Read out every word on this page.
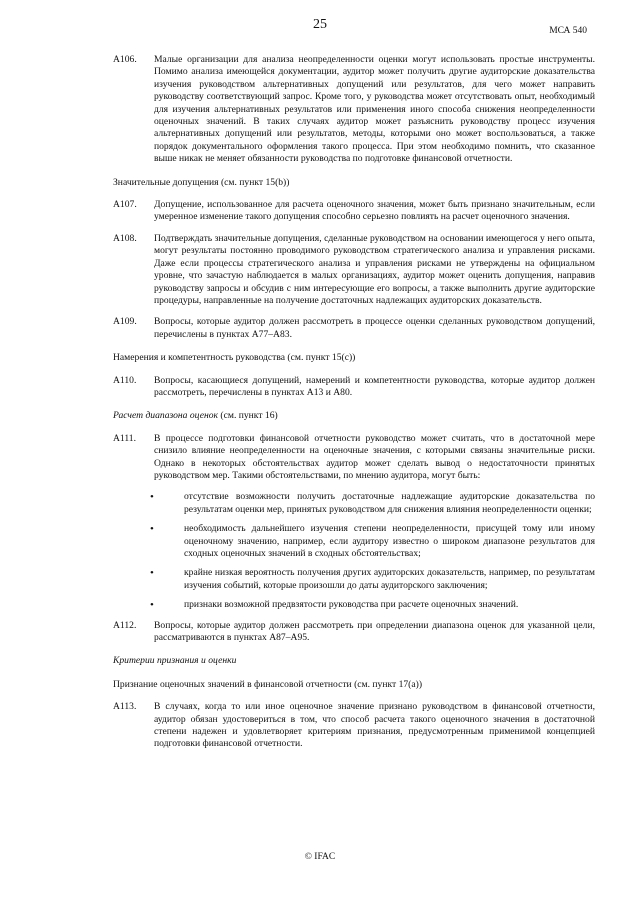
25	МСА 540
А106. Малые организации для анализа неопределенности оценки могут использовать простые инструменты. Помимо анализа имеющейся документации, аудитор может получить другие аудиторские доказательства изучения руководством альтернативных допущений или результатов, для чего может направить руководству соответствующий запрос. Кроме того, у руководства может отсутствовать опыт, необходимый для изучения альтернативных результатов или применения иного способа снижения неопределенности оценочных значений. В таких случаях аудитор может разъяснить руководству процесс изучения альтернативных допущений или результатов, методы, которыми оно может воспользоваться, а также порядок документального оформления такого процесса. При этом необходимо помнить, что сказанное выше никак не меняет обязанности руководства по подготовке финансовой отчетности.
Значительные допущения (см. пункт 15(b))
А107. Допущение, использованное для расчета оценочного значения, может быть признано значительным, если умеренное изменение такого допущения способно серьезно повлиять на расчет оценочного значения.
А108. Подтверждать значительные допущения, сделанные руководством на основании имеющегося у него опыта, могут результаты постоянно проводимого руководством стратегического анализа и управления рисками. Даже если процессы стратегического анализа и управления рисками не утверждены на официальном уровне, что зачастую наблюдается в малых организациях, аудитор может оценить допущения, направив руководству запросы и обсудив с ним интересующие его вопросы, а также выполнить другие аудиторские процедуры, направленные на получение достаточных надлежащих аудиторских доказательств.
А109. Вопросы, которые аудитор должен рассмотреть в процессе оценки сделанных руководством допущений, перечислены в пунктах А77–А83.
Намерения и компетентность руководства (см. пункт 15(c))
А110. Вопросы, касающиеся допущений, намерений и компетентности руководства, которые аудитор должен рассмотреть, перечислены в пунктах А13 и А80.
Расчет диапазона оценок (см. пункт 16)
А111. В процессе подготовки финансовой отчетности руководство может считать, что в достаточной мере снизило влияние неопределенности на оценочные значения, с которыми связаны значительные риски. Однако в некоторых обстоятельствах аудитор может сделать вывод о недостаточности принятых руководством мер. Такими обстоятельствами, по мнению аудитора, могут быть:
•	отсутствие возможности получить достаточные надлежащие аудиторские доказательства по результатам оценки мер, принятых руководством для снижения влияния неопределенности оценки;
•	необходимость дальнейшего изучения степени неопределенности, присущей тому или иному оценочному значению, например, если аудитору известно о широком диапазоне результатов для сходных оценочных значений в сходных обстоятельствах;
•	крайне низкая вероятность получения других аудиторских доказательств, например, по результатам изучения событий, которые произошли до даты аудиторского заключения;
•	признаки возможной предвзятости руководства при расчете оценочных значений.
А112. Вопросы, которые аудитор должен рассмотреть при определении диапазона оценок для указанной цели, рассматриваются в пунктах А87–А95.
Критерии признания и оценки
Признание оценочных значений в финансовой отчетности (см. пункт 17(a))
А113. В случаях, когда то или иное оценочное значение признано руководством в финансовой отчетности, аудитор обязан удостовериться в том, что способ расчета такого оценочного значения в достаточной степени надежен и удовлетворяет критериям признания, предусмотренным применимой концепцией подготовки финансовой отчетности.
© IFAC
